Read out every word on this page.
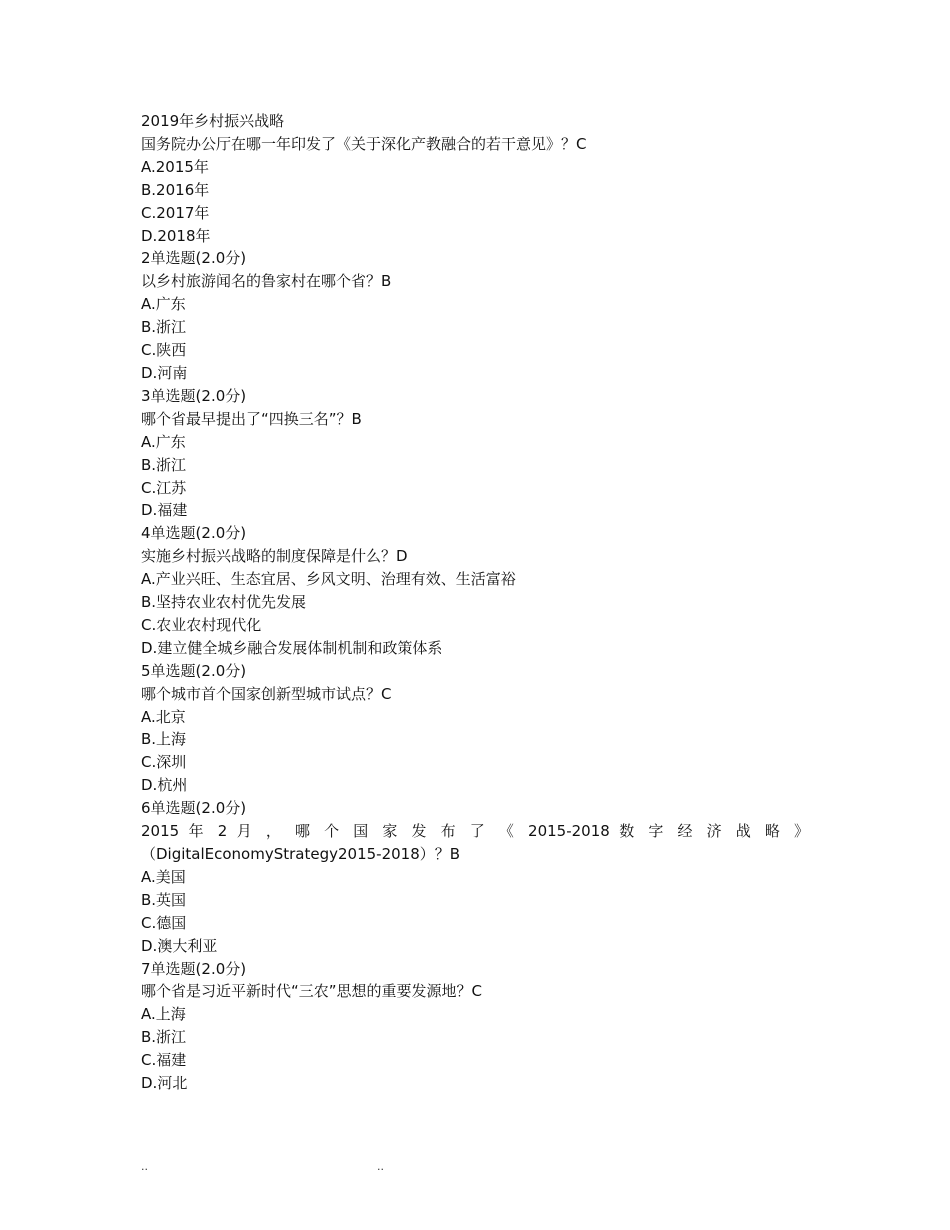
2019年乡村振兴战略
国务院办公厅在哪一年印发了《关于深化产教融合的若干意见》？C
A.2015年
B.2016年
C.2017年
D.2018年
2单选题(2.0分)
以乡村旅游闻名的鲁家村在哪个省？B
A.广东
B.浙江
C.陕西
D.河南
3单选题(2.0分)
哪个省最早提出了“四换三名”？B
A.广东
B.浙江
C.江苏
D.福建
4单选题(2.0分)
实施乡村振兴战略的制度保障是什么？D
A.产业兴旺、生态宜居、乡风文明、治理有效、生活富裕
B.坚持农业农村优先发展
C.农业农村现代化
D.建立健全城乡融合发展体制机制和政策体系
5单选题(2.0分)
哪个城市首个国家创新型城市试点？C
A.北京
B.上海
C.深圳
D.杭州
6单选题(2.0分)
2015 年 2 月 ， 哪 个 国 家 发 布 了 《 2015-2018 数 字 经 济 战 略 》
（DigitalEconomyStrategy2015-2018）？B
A.美国
B.英国
C.德国
D.澳大利亚
7单选题(2.0分)
哪个省是习近平新时代“三农”思想的重要发源地？C
A.上海
B.浙江
C.福建
D.河北
..	..
